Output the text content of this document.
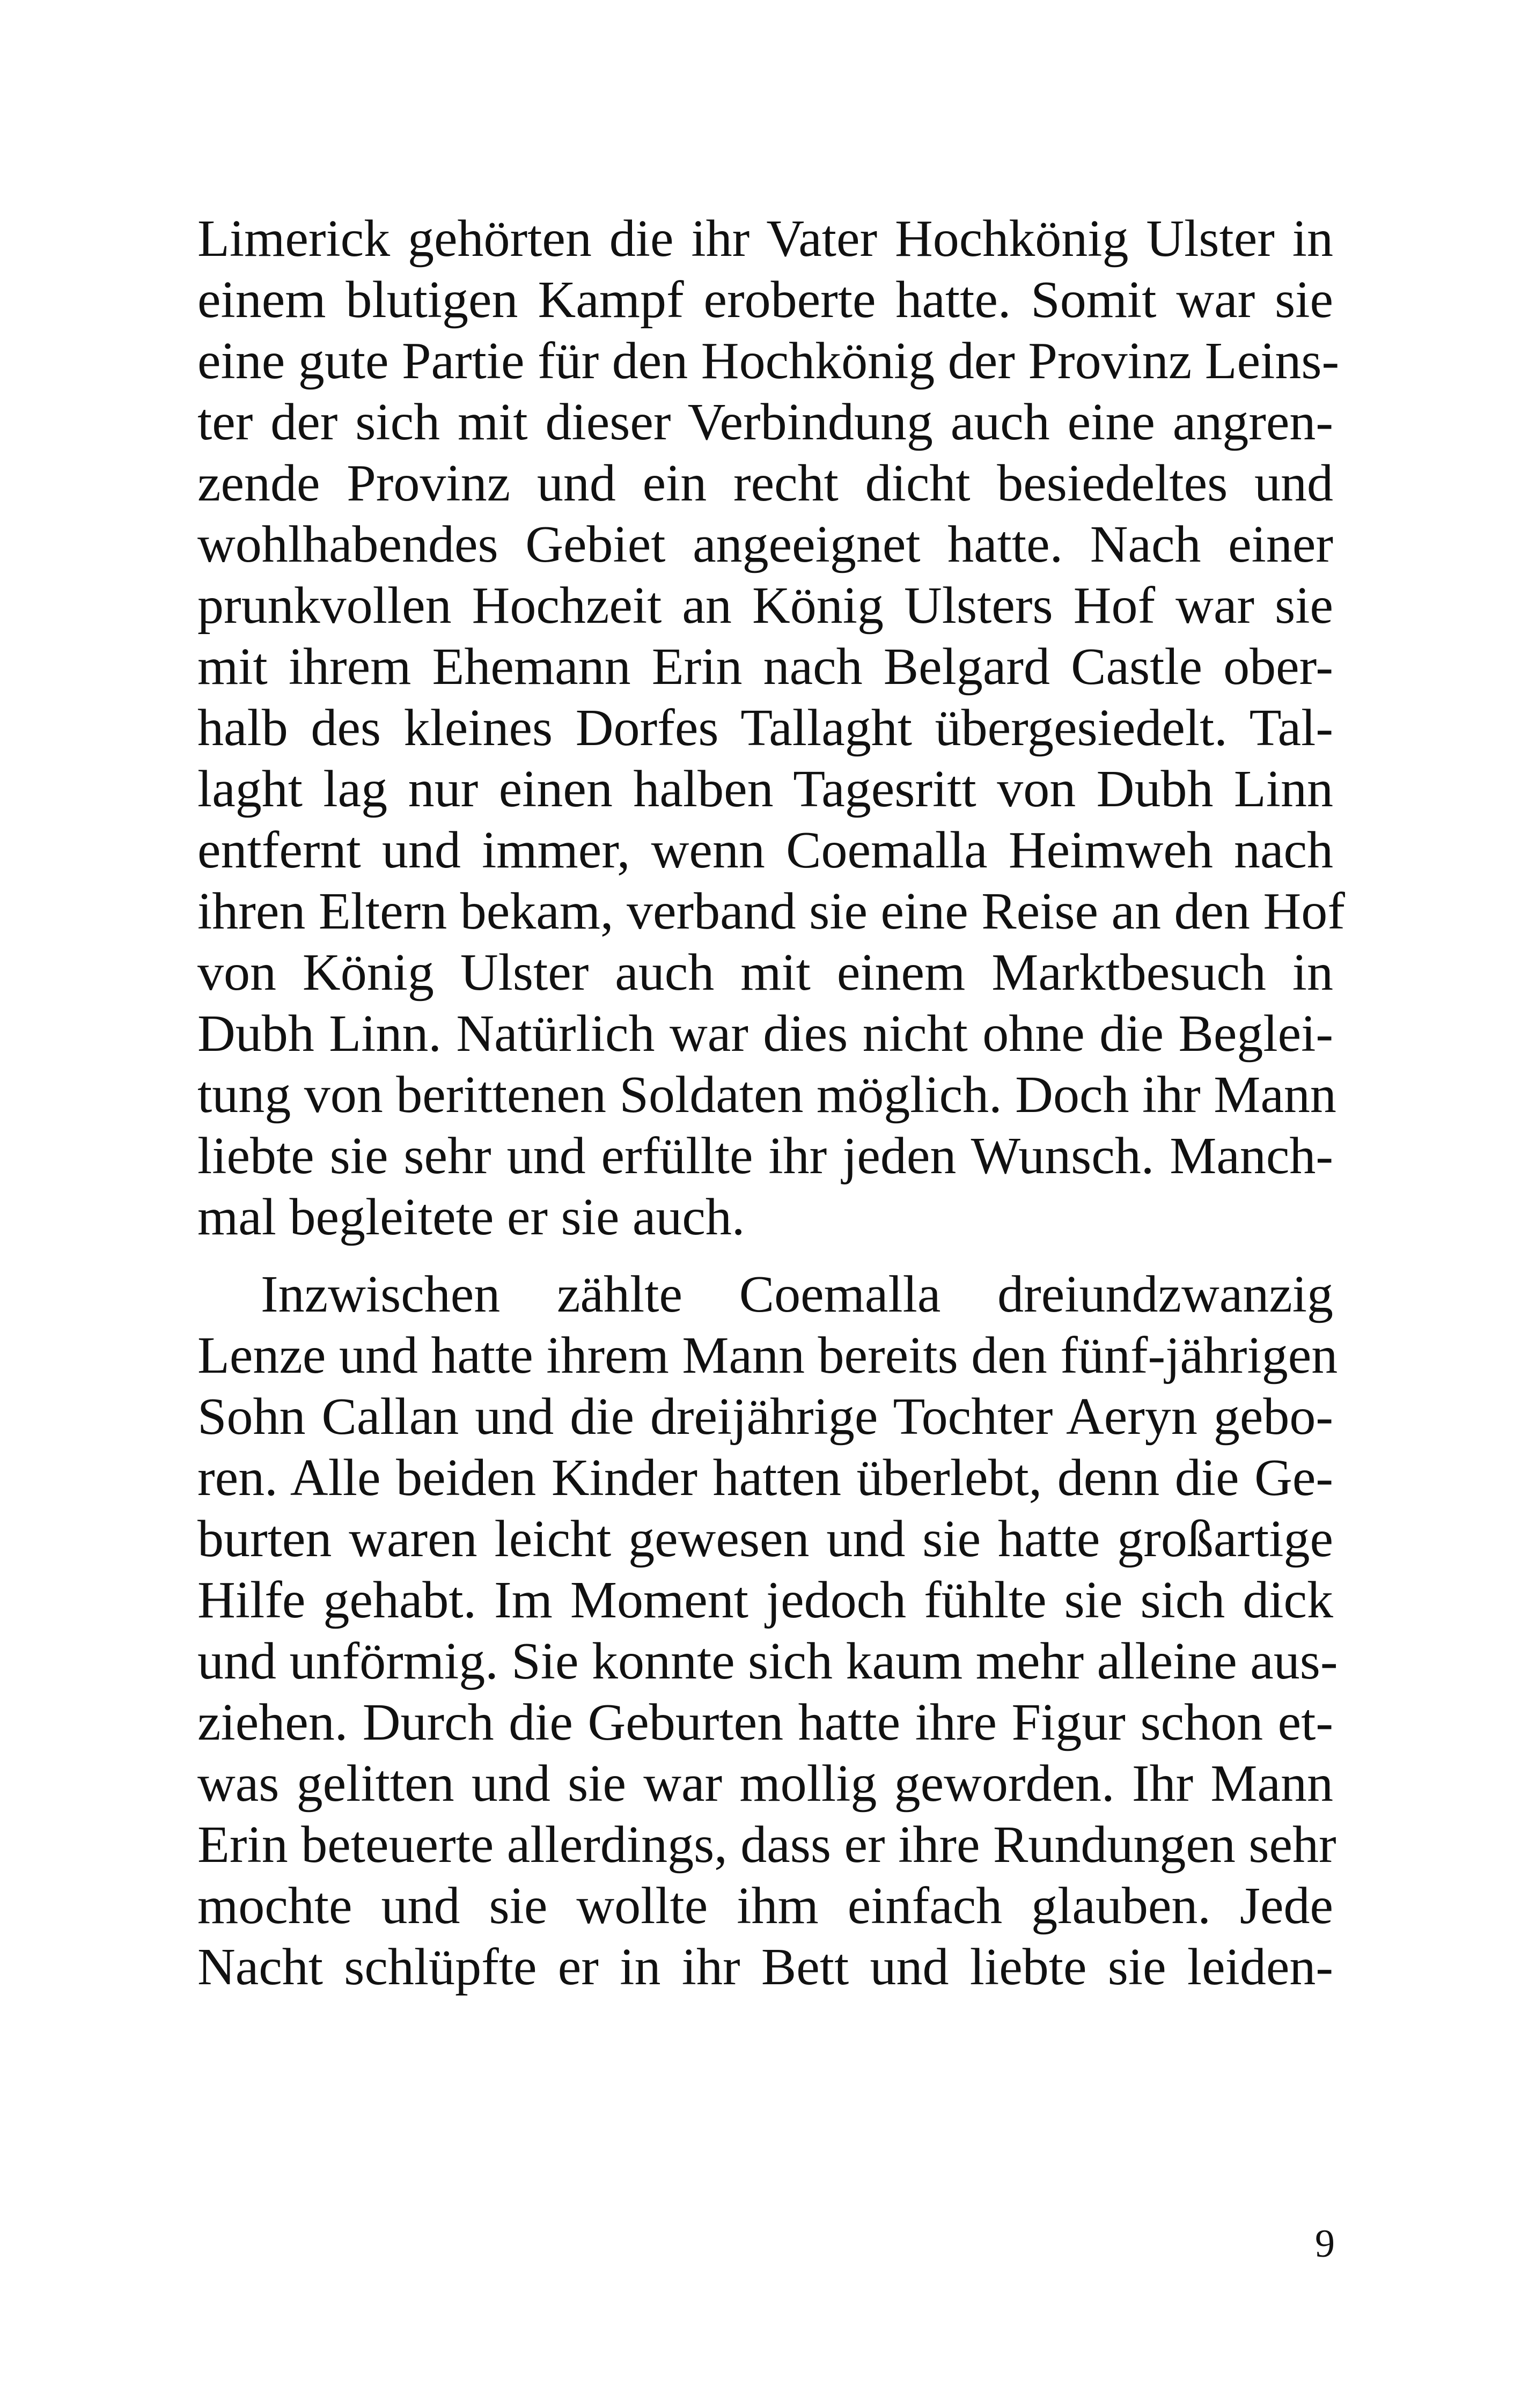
Limerick gehörten die ihr Vater Hochkönig Ulster in
einem blutigen Kampf eroberte hatte. Somit war sie
eine gute Partie für den Hochkönig der Provinz Leins-
ter der sich mit dieser Verbindung auch eine angren-
zende Provinz und ein recht dicht besiedeltes und
wohlhabendes Gebiet angeeignet hatte. Nach einer
prunkvollen Hochzeit an König Ulsters Hof war sie
mit ihrem Ehemann Erin nach Belgard Castle ober-
halb des kleines Dorfes Tallaght übergesiedelt. Tal-
laght lag nur einen halben Tagesritt von Dubh Linn
entfernt und immer, wenn Coemalla Heimweh nach
ihren Eltern bekam, verband sie eine Reise an den Hof
von König Ulster auch mit einem Marktbesuch in
Dubh Linn. Natürlich war dies nicht ohne die Beglei-
tung von berittenen Soldaten möglich. Doch ihr Mann
liebte sie sehr und erfüllte ihr jeden Wunsch. Manch-
mal begleitete er sie auch.
Inzwischen zählte Coemalla dreiundzwanzig
Lenze und hatte ihrem Mann bereits den fünf-jährigen
Sohn Callan und die dreijährige Tochter Aeryn gebo-
ren. Alle beiden Kinder hatten überlebt, denn die Ge-
burten waren leicht gewesen und sie hatte großartige
Hilfe gehabt. Im Moment jedoch fühlte sie sich dick
und unförmig. Sie konnte sich kaum mehr alleine aus-
ziehen. Durch die Geburten hatte ihre Figur schon et-
was gelitten und sie war mollig geworden. Ihr Mann
Erin beteuerte allerdings, dass er ihre Rundungen sehr
mochte und sie wollte ihm einfach glauben. Jede
Nacht schlüpfte er in ihr Bett und liebte sie leiden-
9
